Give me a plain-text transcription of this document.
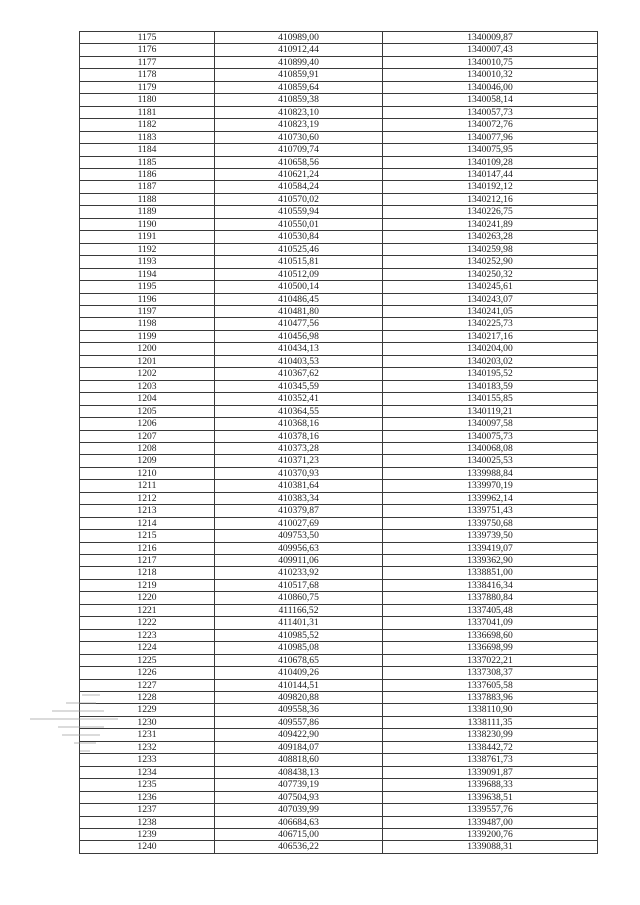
1175	410989,00	1340009,87
1176	410912,44	1340007,43
1177	410899,40	1340010,75
1178	410859,91	1340010,32
1179	410859,64	1340046,00
1180	410859,38	1340058,14
1181	410823,10	1340057,73
1182	410823,19	1340072,76
1183	410730,60	1340077,96
1184	410709,74	1340075,95
1185	410658,56	1340109,28
1186	410621,24	1340147,44
1187	410584,24	1340192,12
1188	410570,02	1340212,16
1189	410559,94	1340226,75
1190	410550,01	1340241,89
1191	410530,84	1340263,28
1192	410525,46	1340259,98
1193	410515,81	1340252,90
1194	410512,09	1340250,32
1195	410500,14	1340245,61
1196	410486,45	1340243,07
1197	410481,80	1340241,05
1198	410477,56	1340225,73
1199	410456,98	1340217,16
1200	410434,13	1340204,00
1201	410403,53	1340203,02
1202	410367,62	1340195,52
1203	410345,59	1340183,59
1204	410352,41	1340155,85
1205	410364,55	1340119,21
1206	410368,16	1340097,58
1207	410378,16	1340075,73
1208	410373,28	1340068,08
1209	410371,23	1340025,53
1210	410370,93	1339988,84
1211	410381,64	1339970,19
1212	410383,34	1339962,14
1213	410379,87	1339751,43
1214	410027,69	1339750,68
1215	409753,50	1339739,50
1216	409956,63	1339419,07
1217	409911,06	1339362,90
1218	410233,92	1338851,00
1219	410517,68	1338416,34
1220	410860,75	1337880,84
1221	411166,52	1337405,48
1222	411401,31	1337041,09
1223	410985,52	1336698,60
1224	410985,08	1336698,99
1225	410678,65	1337022,21
1226	410409,26	1337308,37
1227	410144,51	1337605,58
1228	409820,88	1337883,96
1229	409558,36	1338110,90
1230	409557,86	1338111,35
1231	409422,90	1338230,99
1232	409184,07	1338442,72
1233	408818,60	1338761,73
1234	408438,13	1339091,87
1235	407739,19	1339688,33
1236	407504,93	1339638,51
1237	407039,99	1339557,76
1238	406684,63	1339487,00
1239	406715,00	1339200,76
1240	406536,22	1339088,31
